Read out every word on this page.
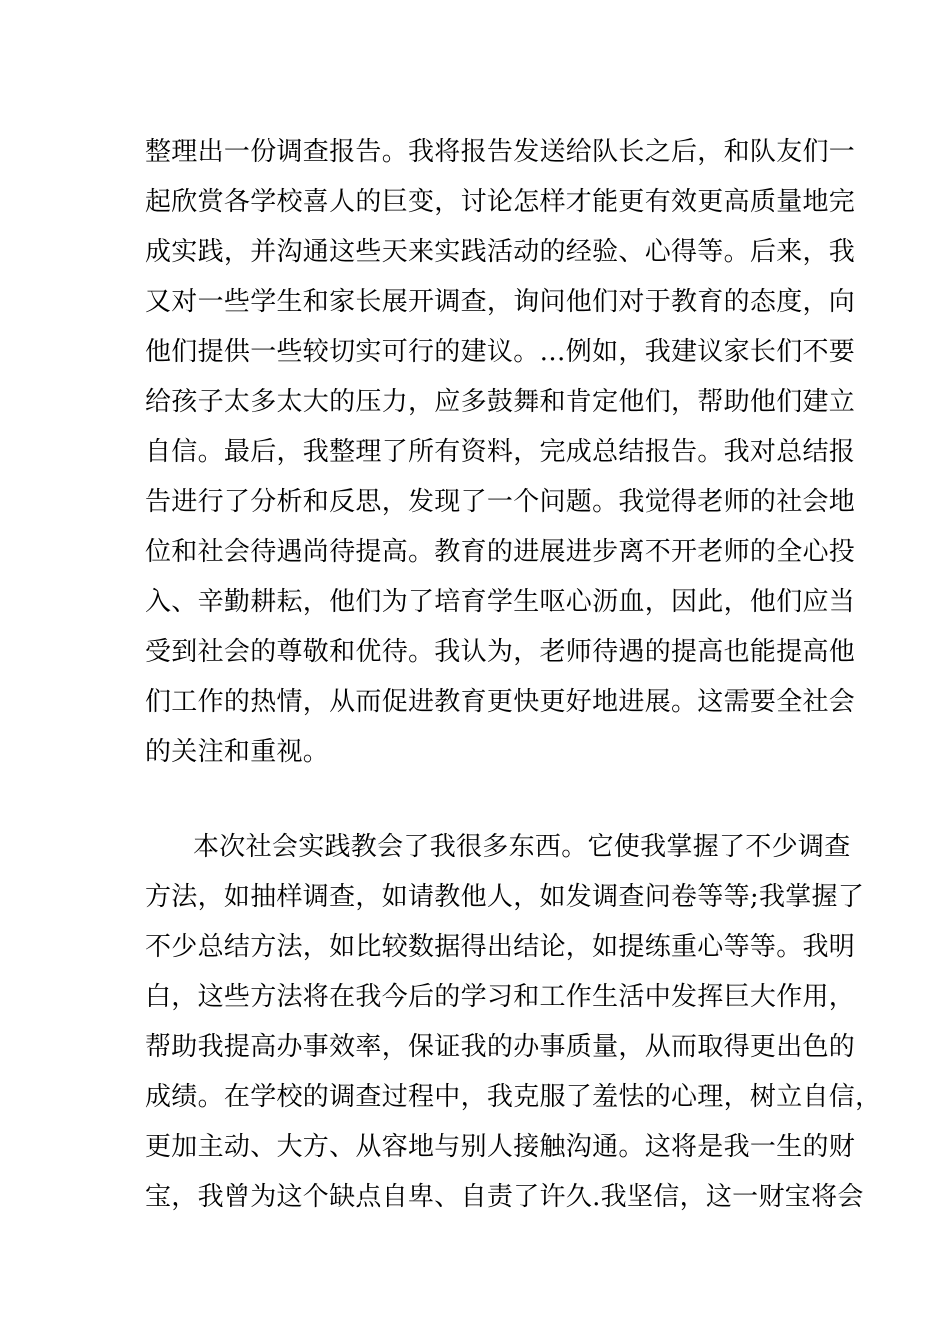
整理出一份调查报告。我将报告发送给队长之后，和队友们一
起欣赏各学校喜人的巨变，讨论怎样才能更有效更高质量地完
成实践，并沟通这些天来实践活动的经验、心得等。后来，我
又对一些学生和家长展开调查，询问他们对于教育的态度，向
他们提供一些较切实可行的建议。…例如，我建议家长们不要
给孩子太多太大的压力，应多鼓舞和肯定他们，帮助他们建立
自信。最后，我整理了所有资料，完成总结报告。我对总结报
告进行了分析和反思，发现了一个问题。我觉得老师的社会地
位和社会待遇尚待提高。教育的进展进步离不开老师的全心投
入、辛勤耕耘，他们为了培育学生呕心沥血，因此，他们应当
受到社会的尊敬和优待。我认为，老师待遇的提高也能提高他
们工作的热情，从而促进教育更快更好地进展。这需要全社会
的关注和重视。
本次社会实践教会了我很多东西。它使我掌握了不少调查
方法，如抽样调查，如请教他人，如发调查问卷等等;我掌握了
不少总结方法，如比较数据得出结论，如提练重心等等。我明
白，这些方法将在我今后的学习和工作生活中发挥巨大作用，
帮助我提高办事效率，保证我的办事质量，从而取得更出色的
成绩。在学校的调查过程中，我克服了羞怯的心理，树立自信，
更加主动、大方、从容地与别人接触沟通。这将是我一生的财
宝，我曾为这个缺点自卑、自责了许久.我坚信，这一财宝将会
